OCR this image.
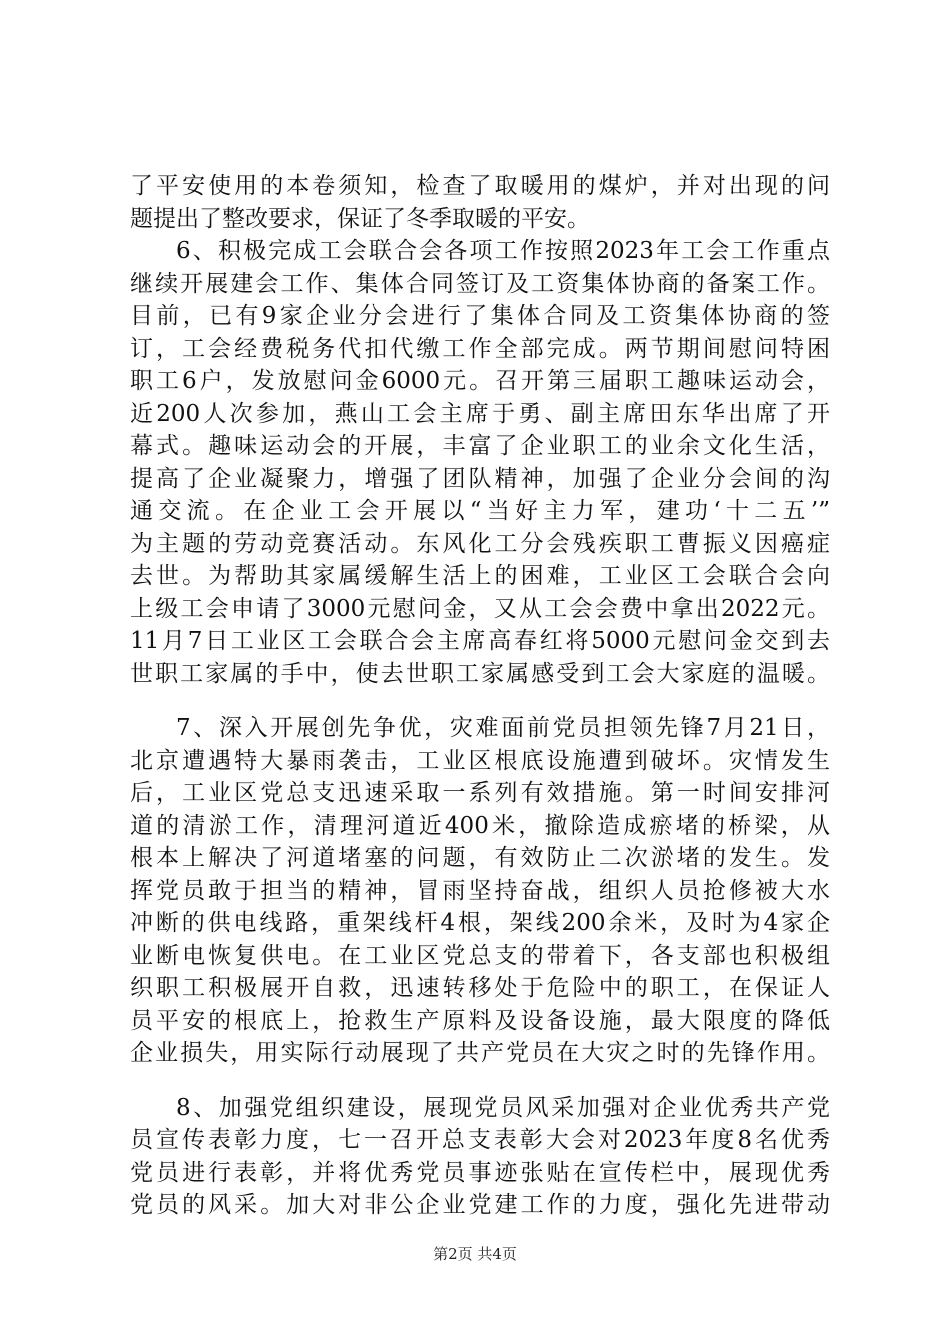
了平安使用的本卷须知，检查了取暖用的煤炉，并对出现的问
题提出了整改要求，保证了冬季取暖的平安。
6、积极完成工会联合会各项工作按照2023年工会工作重点
继续开展建会工作、集体合同签订及工资集体协商的备案工作。
目前，已有9家企业分会进行了集体合同及工资集体协商的签
订，工会经费税务代扣代缴工作全部完成。两节期间慰问特困
职工6户，发放慰问金6000元。召开第三届职工趣味运动会，
近200人次参加，燕山工会主席于勇、副主席田东华出席了开
幕式。趣味运动会的开展，丰富了企业职工的业余文化生活，
提高了企业凝聚力，增强了团队精神，加强了企业分会间的沟
通交流。在企业工会开展以“当好主力军，建功‘十二五’”
为主题的劳动竞赛活动。东风化工分会残疾职工曹振义因癌症
去世。为帮助其家属缓解生活上的困难，工业区工会联合会向
上级工会申请了3000元慰问金，又从工会会费中拿出2022元。
11月7日工业区工会联合会主席高春红将5000元慰问金交到去
世职工家属的手中，使去世职工家属感受到工会大家庭的温暖。
7、深入开展创先争优，灾难面前党员担领先锋7月21日，
北京遭遇特大暴雨袭击，工业区根底设施遭到破坏。灾情发生
后，工业区党总支迅速采取一系列有效措施。第一时间安排河
道的清淤工作，清理河道近400米，撤除造成瘀堵的桥梁，从
根本上解决了河道堵塞的问题，有效防止二次淤堵的发生。发
挥党员敢于担当的精神，冒雨坚持奋战，组织人员抢修被大水
冲断的供电线路，重架线杆4根，架线200余米，及时为4家企
业断电恢复供电。在工业区党总支的带着下，各支部也积极组
织职工积极展开自救，迅速转移处于危险中的职工，在保证人
员平安的根底上，抢救生产原料及设备设施，最大限度的降低
企业损失，用实际行动展现了共产党员在大灾之时的先锋作用。
8、加强党组织建设，展现党员风采加强对企业优秀共产党
员宣传表彰力度，七一召开总支表彰大会对2023年度8名优秀
党员进行表彰，并将优秀党员事迹张贴在宣传栏中，展现优秀
党员的风采。加大对非公企业党建工作的力度，强化先进带动
第2页 共4页
